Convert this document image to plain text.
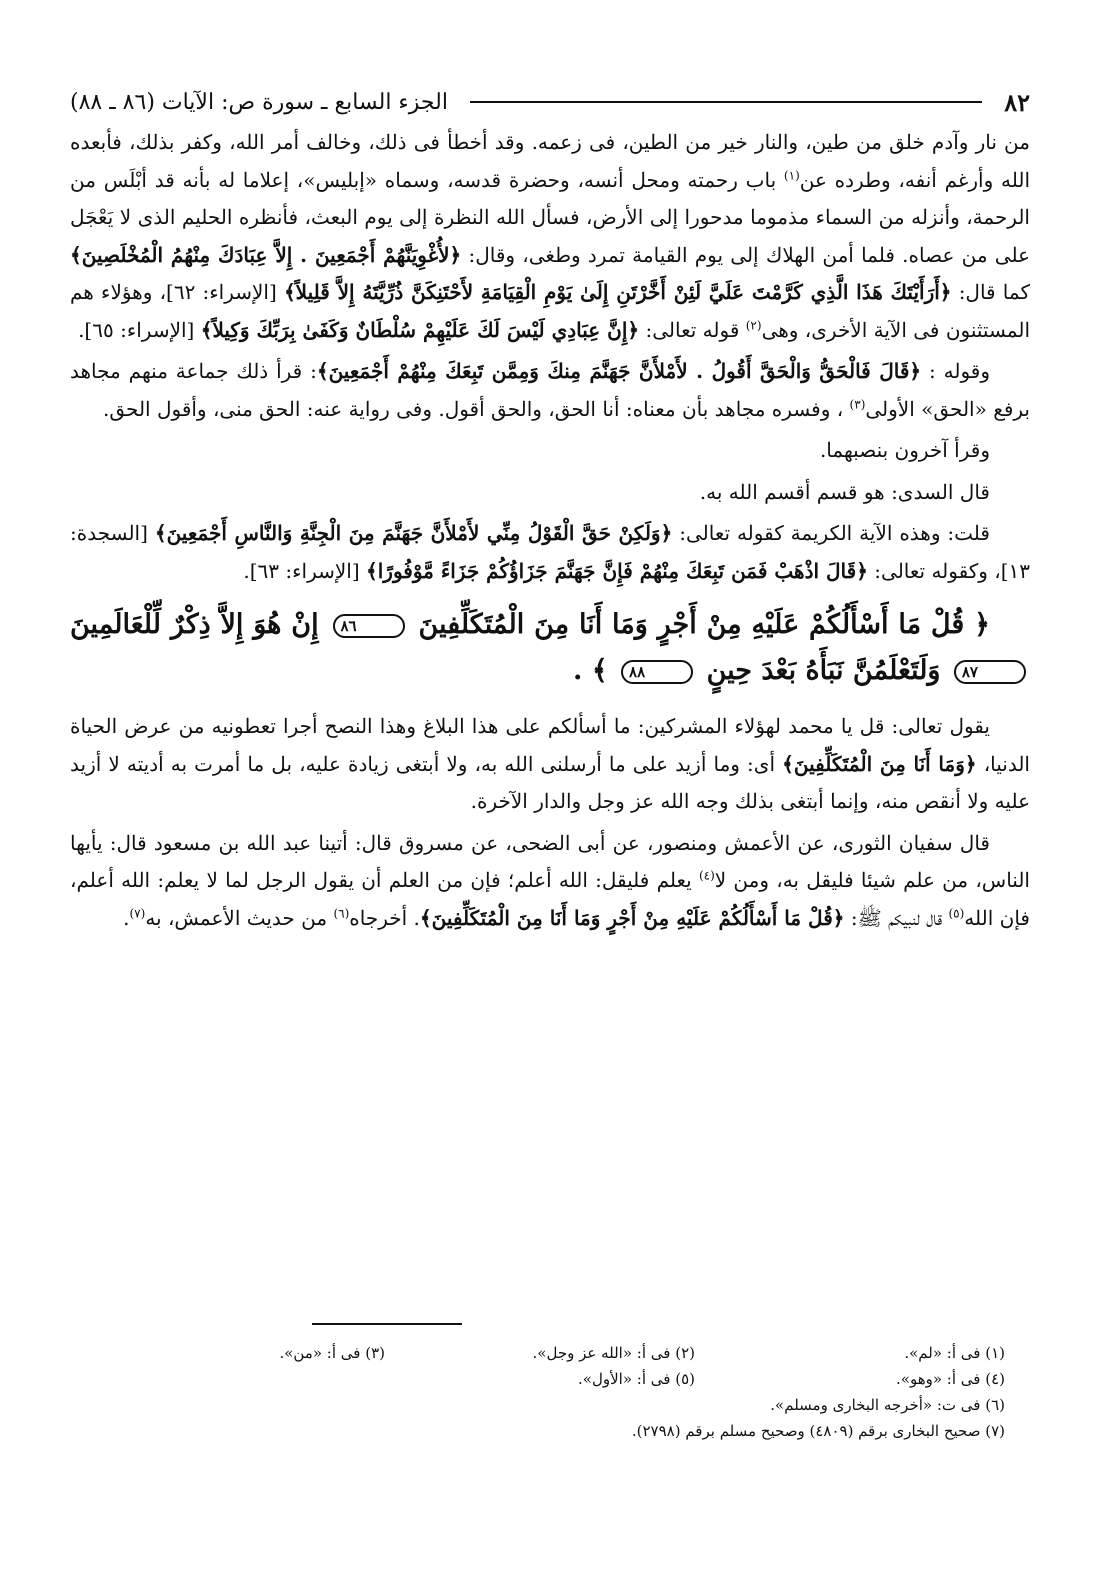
٨٢
الجزء السابع ـ سورة ص: الآيات (٨٦ ـ ٨٨)

من نار وآدم خلق من طين، والنار خير من الطين، فى زعمه. وقد أخطأ فى ذلك، وخالف أمر الله، وكفر بذلك، فأبعده الله وأرغم أنفه، وطرده عن$^{(١)}$ باب رحمته ومحل أنسه، وحضرة قدسه، وسماه «إبليس»، إعلاما له بأنه قد أبْلَس من الرحمة، وأنزله من السماء مذموما مدحورا إلى الأرض، فسأل الله النظرة إلى يوم البعث، فأنظره الحليم الذى لا يَعْجَل على من عصاه. فلما أمن الهلاك إلى يوم القيامة تمرد وطغى، وقال: ﴿لأُغْوِيَنَّهُمْ أَجْمَعِينَ . إِلاَّ عِبَادَكَ مِنْهُمُ الْمُخْلَصِينَ﴾ كما قال: ﴿أَرَأَيْتَكَ هَذَا الَّذِي كَرَّمْتَ عَلَيَّ لَئِنْ أَخَّرْتَنِ إِلَىٰ يَوْمِ الْقِيَامَةِ لأَحْتَنِكَنَّ ذُرِّيَّتَهُ إِلاَّ قَلِيلاً﴾ [الإسراء: ٦٢]، وهؤلاء هم المستثنون فى الآية الأخرى، وهى$^{(٢)}$ قوله تعالى: ﴿إِنَّ عِبَادِي لَيْسَ لَكَ عَلَيْهِمْ سُلْطَانٌ وَكَفَىٰ بِرَبِّكَ وَكِيلاً﴾ [الإسراء: ٦٥].

وقوله : ﴿قَالَ فَالْحَقُّ وَالْحَقَّ أَقُولُ . لأَمْلأَنَّ جَهَنَّمَ مِنكَ وَمِمَّن تَبِعَكَ مِنْهُمْ أَجْمَعِينَ﴾: قرأ ذلك جماعة منهم مجاهد برفع «الحق» الأولى$^{(٣)}$ ، وفسره مجاهد بأن معناه: أنا الحق، والحق أقول. وفى رواية عنه: الحق منى، وأقول الحق.

وقرأ آخرون بنصبهما.

قال السدى: هو قسم أقسم الله به.

قلت: وهذه الآية الكريمة كقوله تعالى: ﴿وَلَكِنْ حَقَّ الْقَوْلُ مِنِّي لأَمْلأَنَّ جَهَنَّمَ مِنَ الْجِنَّةِ وَالنَّاسِ أَجْمَعِينَ﴾ [السجدة: ١٣]، وكقوله تعالى: ﴿قَالَ اذْهَبْ فَمَن تَبِعَكَ مِنْهُمْ فَإِنَّ جَهَنَّمَ جَزَاؤُكُمْ جَزَاءً مَّوْفُورًا﴾ [الإسراء: ٦٣].

﴿ قُلْ مَا أَسْأَلُكُمْ عَلَيْهِ مِنْ أَجْرٍ وَمَا أَنَا مِنَ الْمُتَكَلِّفِينَ ٨٦ إِنْ هُوَ إِلاَّ ذِكْرٌ لِّلْعَالَمِينَ ٨٧ وَلَتَعْلَمُنَّ نَبَأَهُ بَعْدَ حِينٍ ٨٨ ﴾ .

يقول تعالى: قل يا محمد لهؤلاء المشركين: ما أسألكم على هذا البلاغ وهذا النصح أجرا تعطونيه من عرض الحياة الدنيا، ﴿وَمَا أَنَا مِنَ الْمُتَكَلِّفِينَ﴾ أى: وما أزيد على ما أرسلنى الله به، ولا أبتغى زيادة عليه، بل ما أمرت به أديته لا أزيد عليه ولا أنقص منه، وإنما أبتغى بذلك وجه الله عز وجل والدار الآخرة.

قال سفيان الثورى، عن الأعمش ومنصور، عن أبى الضحى، عن مسروق قال: أتينا عبد الله بن مسعود قال: يأيها الناس، من علم شيئا فليقل به، ومن لا$^{(٤)}$ يعلم فليقل: الله أعلم؛ فإن من العلم أن يقول الرجل لما لا يعلم: الله أعلم، فإن الله$^{(٥)}$ قال لنبيكم ﷺ: ﴿قُلْ مَا أَسْأَلُكُمْ عَلَيْهِ مِنْ أَجْرٍ وَمَا أَنَا مِنَ الْمُتَكَلِّفِينَ﴾. أخرجاه$^{(٦)}$ من حديث الأعمش، به$^{(٧)}$.

(١) فى أ: «لم».
(٢) فى أ: «الله عز وجل».
(٣) فى أ: «من».
(٤) فى أ: «وهو».
(٥) فى أ: «الأول».
(٦) فى ت: «أخرجه البخارى ومسلم».
(٧) صحيح البخارى برقم (٤٨٠٩) وصحيح مسلم برقم (٢٧٩٨).
